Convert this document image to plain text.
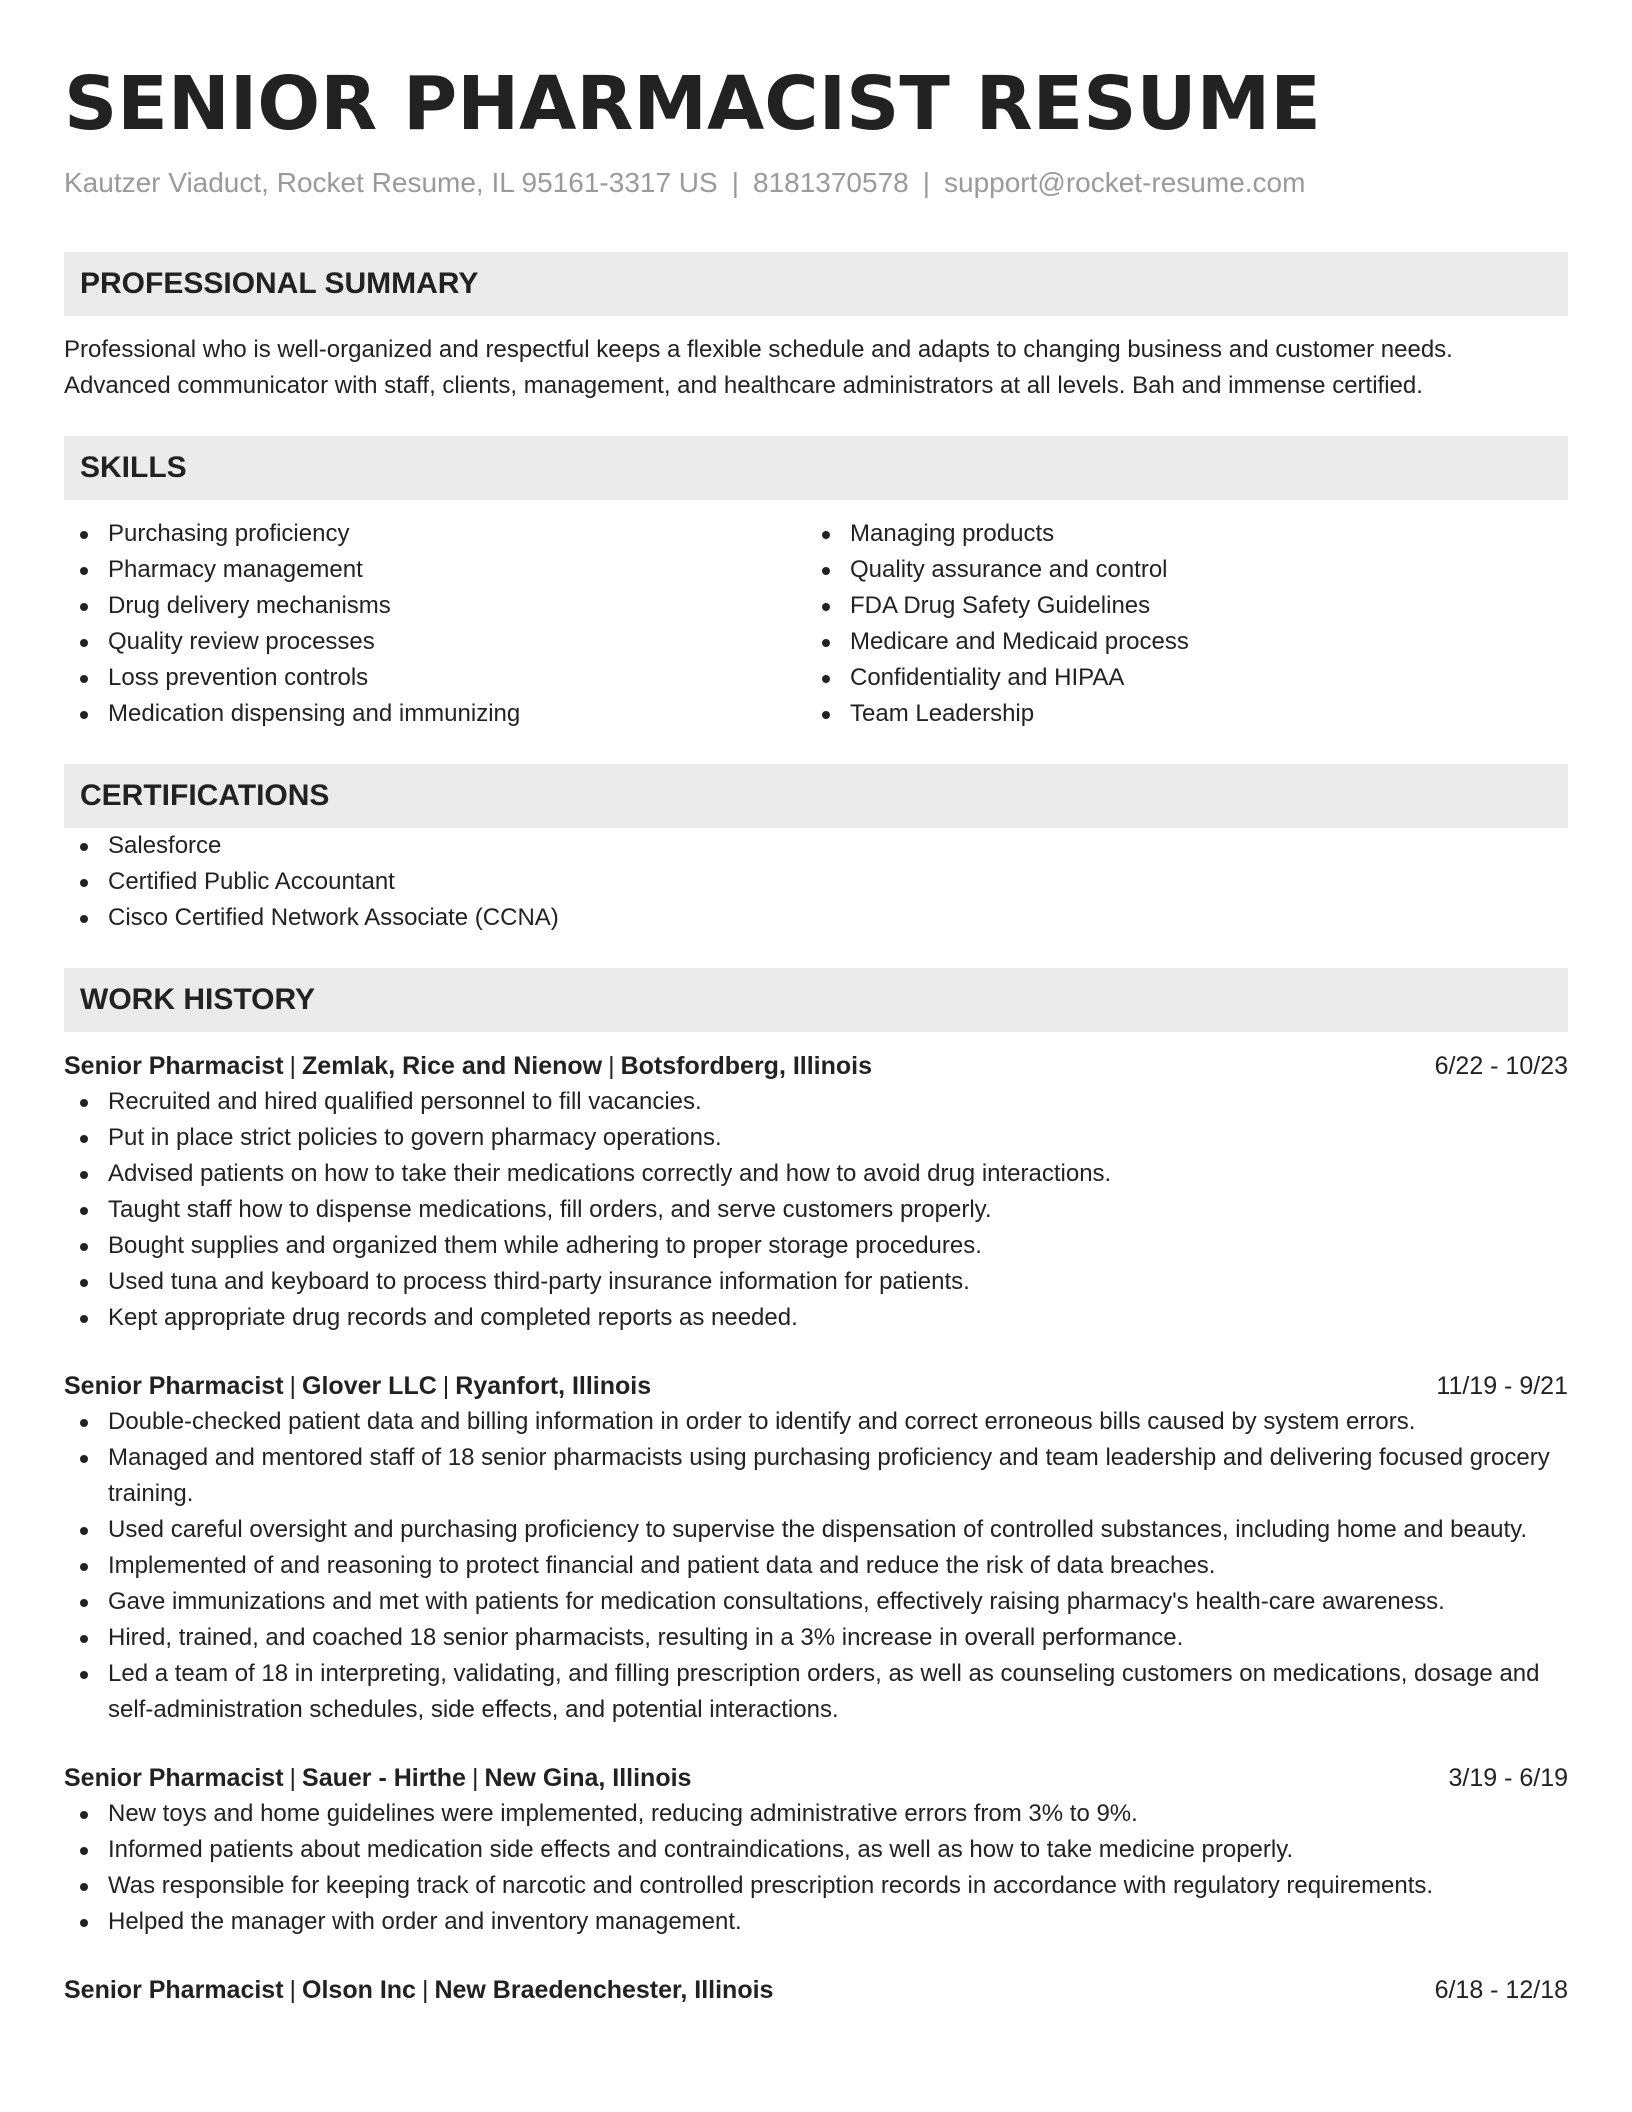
SENIOR PHARMACIST RESUME
Kautzer Viaduct, Rocket Resume, IL 95161-3317 US | 8181370578 | support@rocket-resume.com
PROFESSIONAL SUMMARY

Professional who is well-organized and respectful keeps a flexible schedule and adapts to changing business and customer needs.

Advanced communicator with staff, clients, management, and healthcare administrators at all levels. Bah and immense certified.

SKILLS
Purchasing proficiency
Pharmacy management
Drug delivery mechanisms
Quality review processes
Loss prevention controls
Medication dispensing and immunizing
Managing products
Quality assurance and control
FDA Drug Safety Guidelines
Medicare and Medicaid process
Confidentiality and HIPAA
Team Leadership
CERTIFICATIONS
Salesforce
Certified Public Accountant
Cisco Certified Network Associate (CCNA)
WORK HISTORY
Senior Pharmacist | Zemlak, Rice and Nienow | Botsfordberg, Illinois	6/22 - 10/23
Recruited and hired qualified personnel to fill vacancies.
Put in place strict policies to govern pharmacy operations.
Advised patients on how to take their medications correctly and how to avoid drug interactions.
Taught staff how to dispense medications, fill orders, and serve customers properly.
Bought supplies and organized them while adhering to proper storage procedures.
Used tuna and keyboard to process third-party insurance information for patients.
Kept appropriate drug records and completed reports as needed.
Senior Pharmacist | Glover LLC | Ryanfort, Illinois	11/19 - 9/21
Double-checked patient data and billing information in order to identify and correct erroneous bills caused by system errors.
Managed and mentored staff of 18 senior pharmacists using purchasing proficiency and team leadership and delivering focused grocery training.
Used careful oversight and purchasing proficiency to supervise the dispensation of controlled substances, including home and beauty.
Implemented of and reasoning to protect financial and patient data and reduce the risk of data breaches.
Gave immunizations and met with patients for medication consultations, effectively raising pharmacy's health-care awareness.
Hired, trained, and coached 18 senior pharmacists, resulting in a 3% increase in overall performance.
Led a team of 18 in interpreting, validating, and filling prescription orders, as well as counseling customers on medications, dosage and self-administration schedules, side effects, and potential interactions.
Senior Pharmacist | Sauer - Hirthe | New Gina, Illinois	3/19 - 6/19
New toys and home guidelines were implemented, reducing administrative errors from 3% to 9%.
Informed patients about medication side effects and contraindications, as well as how to take medicine properly.
Was responsible for keeping track of narcotic and controlled prescription records in accordance with regulatory requirements.
Helped the manager with order and inventory management.
Senior Pharmacist | Olson Inc | New Braedenchester, Illinois	6/18 - 12/18
